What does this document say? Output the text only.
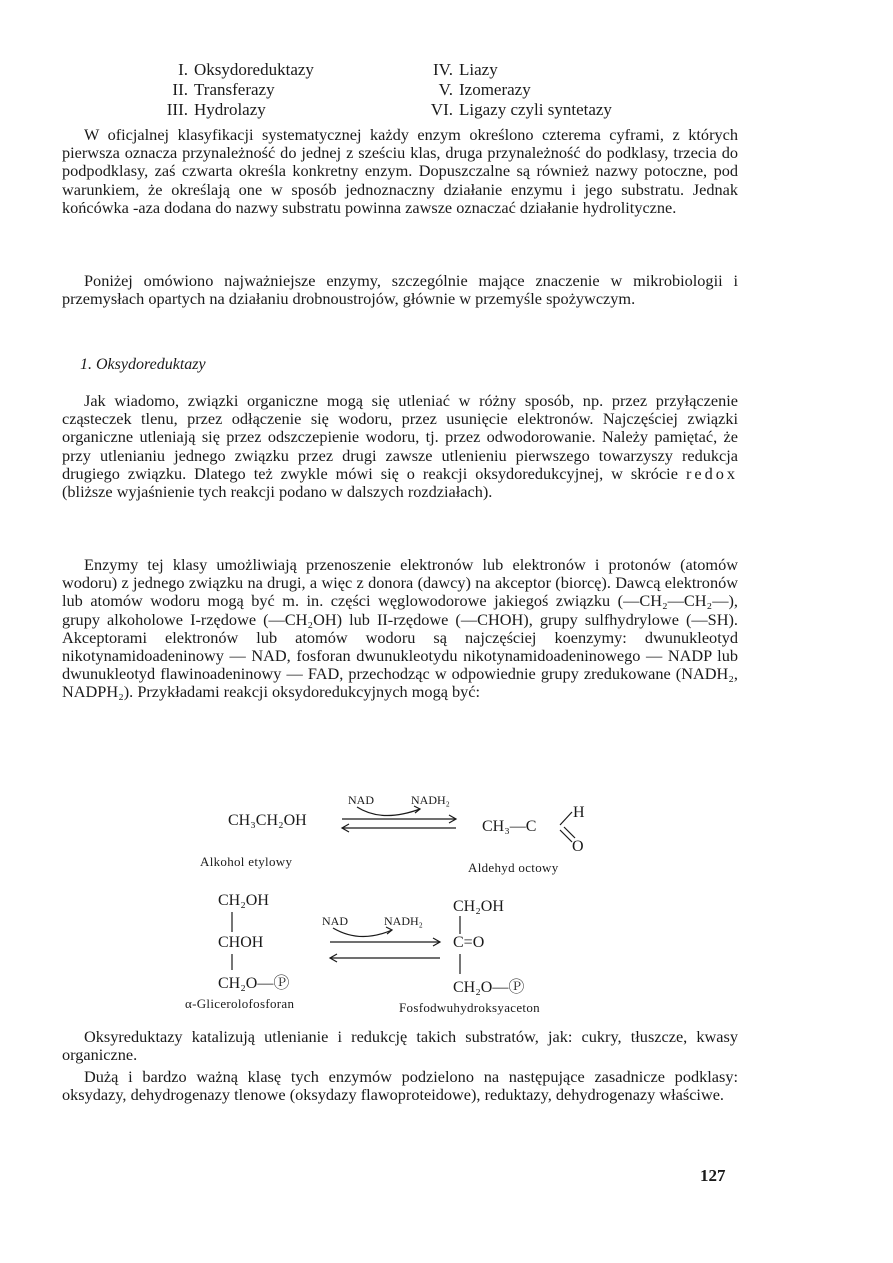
I. Oksydoreduktazy
II. Transferazy
III. Hydrolazy
IV. Liazy
V. Izomerazy
VI. Ligazy czyli syntetazy

W oficjalnej klasyfikacji systematycznej każdy enzym określono czterema cyframi, z których pierwsza oznacza przynależność do jednej z sześciu klas, druga przynależność do podklasy, trzecia do podpodklasy, zaś czwarta określa konkretny enzym. Dopuszczalne są również nazwy potoczne, pod warunkiem, że określają one w sposób jednoznaczny działanie enzymu i jego substratu. Jednak końcówka -aza dodana do nazwy substratu powinna zawsze oznaczać działanie hydrolityczne.

Poniżej omówiono najważniejsze enzymy, szczególnie mające znaczenie w mikrobiologii i przemysłach opartych na działaniu drobnoustrojów, głównie w przemyśle spożywczym.

1. Oksydoreduktazy

Jak wiadomo, związki organiczne mogą się utleniać w różny sposób, np. przez przyłączenie cząsteczek tlenu, przez odłączenie się wodoru, przez usunięcie elektronów. Najczęściej związki organiczne utleniają się przez odszczepienie wodoru, tj. przez odwodorowanie. Należy pamiętać, że przy utlenianiu jednego związku przez drugi zawsze utlenieniu pierwszego towarzyszy redukcja drugiego związku. Dlatego też zwykle mówi się o reakcji oksydoredukcyjnej, w skrócie redox (bliższe wyjaśnienie tych reakcji podano w dalszych rozdziałach).

Enzymy tej klasy umożliwiają przenoszenie elektronów lub elektronów i protonów (atomów wodoru) z jednego związku na drugi, a więc z donora (dawcy) na akceptor (biorcę). Dawcą elektronów lub atomów wodoru mogą być m. in. części węglowodorowe jakiegoś związku (—CH₂—CH₂—), grupy alkoholowe I-rzędowe (—CH₂OH) lub II-rzędowe (—CHOH), grupy sulfhydrylowe (—SH). Akceptorami elektronów lub atomów wodoru są najczęściej koenzymy: dwunukleotyd nikotynamidoadeninowy — NAD, fosforan dwunukleotydu nikotynamidoadeninowego — NADP lub dwunukleotyd flawinoadeninowy — FAD, przechodząc w odpowiednie grupy zredukowane (NADH₂, NADPH₂). Przykładami reakcji oksydoredukcyjnych mogą być:

CH₃CH₂OH
NAD	NADH₂
CH₃—C
H
O
Alkohol etylowy	Aldehyd octowy
CH₂OH
CHOH
CH₂O—Ⓟ
NAD	NADH₂
CH₂OH
C=O
CH₂O—Ⓟ
α-Glicerolofosforan	Fosfodwuhydroksyaceton

Oksyreduktazy katalizują utlenianie i redukcję takich substratów, jak: cukry, tłuszcze, kwasy organiczne.

Dużą i bardzo ważną klasę tych enzymów podzielono na następujące zasadnicze podklasy: oksydazy, dehydrogenazy tlenowe (oksydazy flawoproteidowe), reduktazy, dehydrogenazy właściwe.

127
